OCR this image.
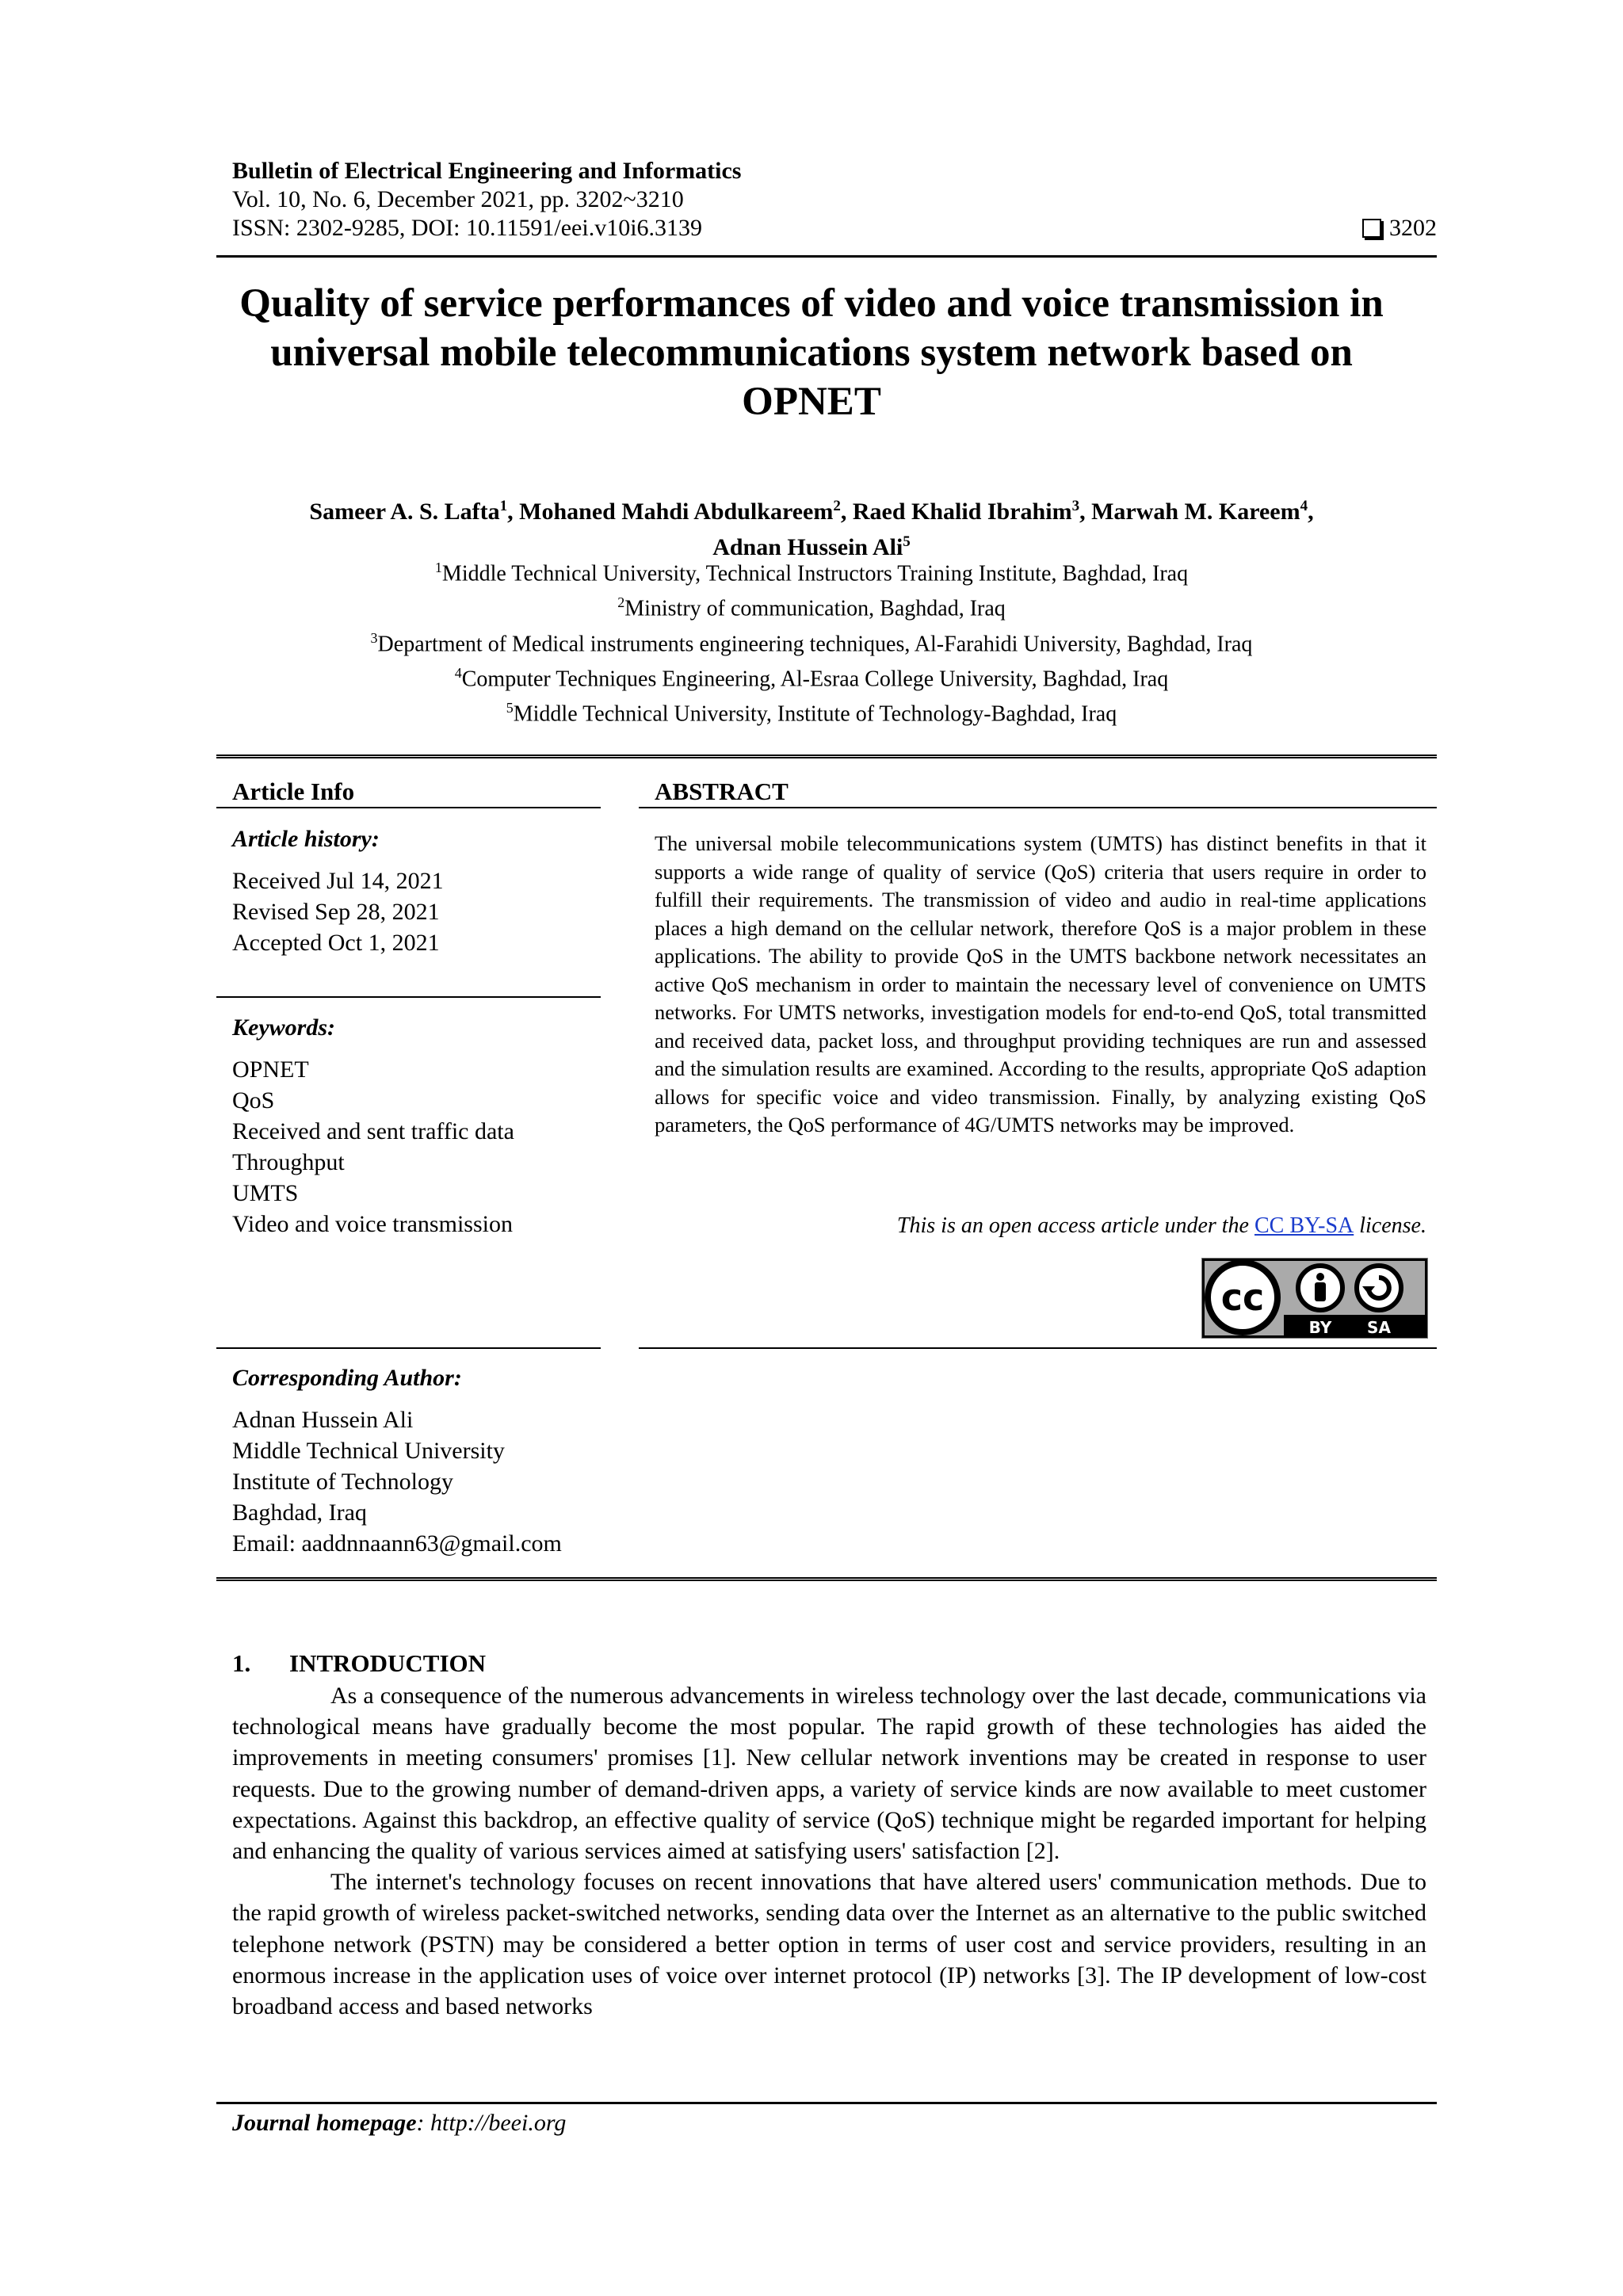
Bulletin of Electrical Engineering and Informatics
Vol. 10, No. 6, December 2021, pp. 3202~3210
ISSN: 2302-9285, DOI: 10.11591/eei.v10i6.3139	3202
Quality of service performances of video and voice transmission in universal mobile telecommunications system network based on OPNET
Sameer A. S. Lafta$^1$, Mohaned Mahdi Abdulkareem$^2$, Raed Khalid Ibrahim$^3$, Marwah M. Kareem$^4$,
Adnan Hussein Ali$^5$
$^1$Middle Technical University, Technical Instructors Training Institute, Baghdad, Iraq
$^2$Ministry of communication, Baghdad, Iraq
$^3$Department of Medical instruments engineering techniques, Al-Farahidi University, Baghdad, Iraq
$^4$Computer Techniques Engineering, Al-Esraa College University, Baghdad, Iraq
$^5$Middle Technical University, Institute of Technology-Baghdad, Iraq
Article Info
Article history:
Received Jul 14, 2021
Revised Sep 28, 2021
Accepted Oct 1, 2021
Keywords:
OPNET
QoS
Received and sent traffic data
Throughput
UMTS
Video and voice transmission
ABSTRACT
The universal mobile telecommunications system (UMTS) has distinct benefits in that it supports a wide range of quality of service (QoS) criteria that users require in order to fulfill their requirements. The transmission of video and audio in real-time applications places a high demand on the cellular network, therefore QoS is a major problem in these applications. The ability to provide QoS in the UMTS backbone network necessitates an active QoS mechanism in order to maintain the necessary level of convenience on UMTS networks. For UMTS networks, investigation models for end-to-end QoS, total transmitted and received data, packet loss, and throughput providing techniques are run and assessed and the simulation results are examined. According to the results, appropriate QoS adaption allows for specific voice and video transmission. Finally, by analyzing existing QoS parameters, the QoS performance of 4G/UMTS networks may be improved.
This is an open access article under the CC BY-SA license.
cc
BY SA
Corresponding Author:
Adnan Hussein Ali
Middle Technical University
Institute of Technology
Baghdad, Iraq
Email: aaddnnaann63@gmail.com
1. INTRODUCTION

As a consequence of the numerous advancements in wireless technology over the last decade, communications via technological means have gradually become the most popular. The rapid growth of these technologies has aided the improvements in meeting consumers' promises [1]. New cellular network inventions may be created in response to user requests. Due to the growing number of demand-driven apps, a variety of service kinds are now available to meet customer expectations. Against this backdrop, an effective quality of service (QoS) technique might be regarded important for helping and enhancing the quality of various services aimed at satisfying users' satisfaction [2].

The internet's technology focuses on recent innovations that have altered users' communication methods. Due to the rapid growth of wireless packet-switched networks, sending data over the Internet as an alternative to the public switched telephone network (PSTN) may be considered a better option in terms of user cost and service providers, resulting in an enormous increase in the application uses of voice over internet protocol (IP) networks [3]. The IP development of low-cost broadband access and based networks

Journal homepage: http://beei.org
